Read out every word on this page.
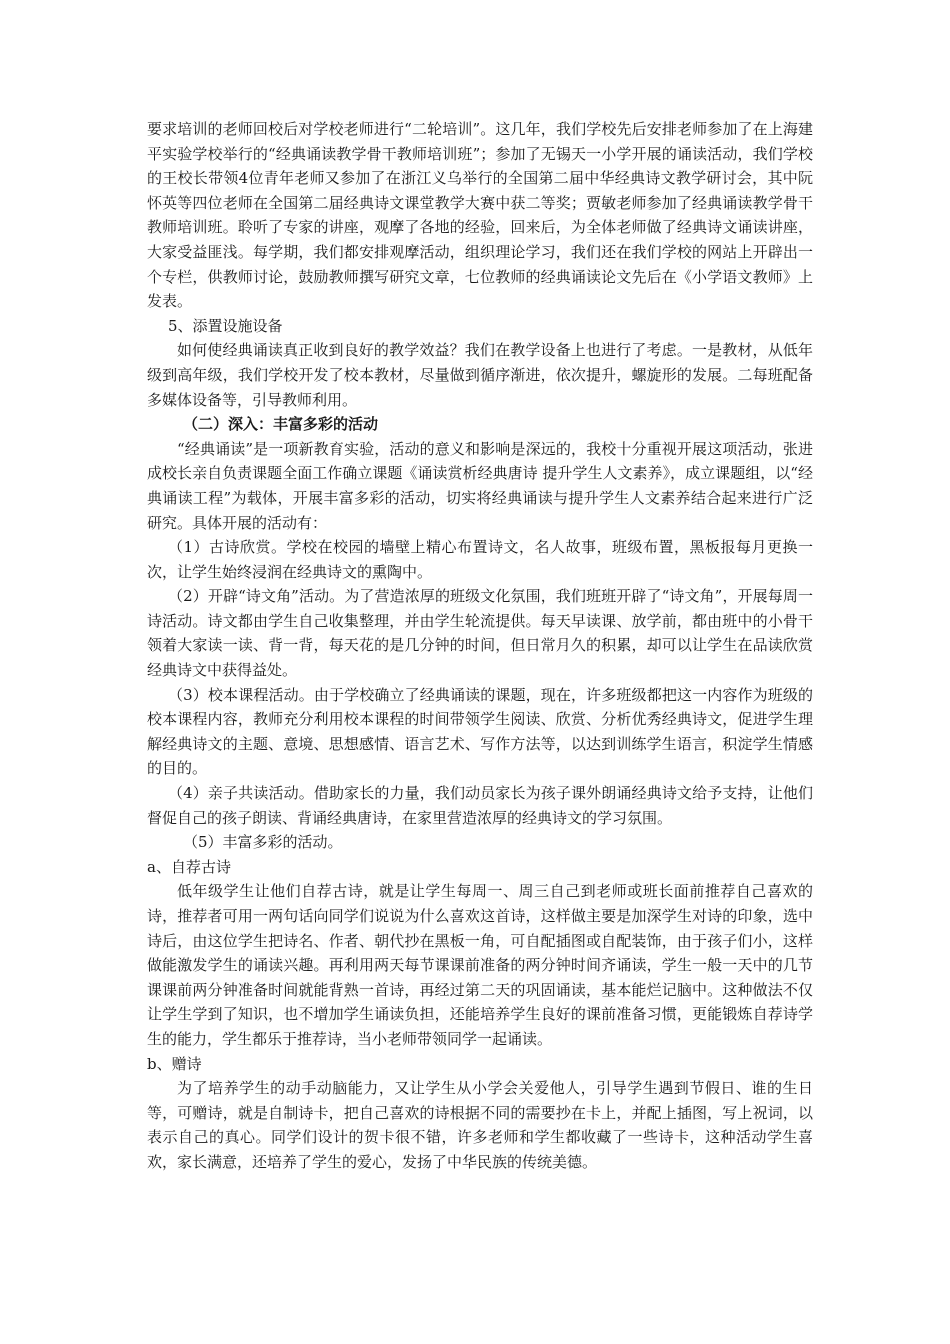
要求培训的老师回校后对学校老师进行“二轮培训”。这几年，我们学校先后安排老师参加了在上海建平实验学校举行的“经典诵读教学骨干教师培训班”；参加了无锡天一小学开展的诵读活动，我们学校的王校长带领4位青年老师又参加了在浙江义乌举行的全国第二届中华经典诗文教学研讨会，其中阮怀英等四位老师在全国第二届经典诗文课堂教学大赛中获二等奖；贾敏老师参加了经典诵读教学骨干教师培训班。聆听了专家的讲座，观摩了各地的经验，回来后，为全体老师做了经典诗文诵读讲座，大家受益匪浅。每学期，我们都安排观摩活动，组织理论学习，我们还在我们学校的网站上开辟出一个专栏，供教师讨论，鼓励教师撰写研究文章，七位教师的经典诵读论文先后在《小学语文教师》上发表。

5、添置设施设备

如何使经典诵读真正收到良好的教学效益？我们在教学设备上也进行了考虑。一是教材，从低年级到高年级，我们学校开发了校本教材，尽量做到循序渐进，依次提升，螺旋形的发展。二每班配备多媒体设备等，引导教师利用。

（二）深入：丰富多彩的活动

“经典诵读”是一项新教育实验，活动的意义和影响是深远的，我校十分重视开展这项活动，张进成校长亲自负责课题全面工作确立课题《诵读赏析经典唐诗 提升学生人文素养》，成立课题组，以“经典诵读工程”为载体，开展丰富多彩的活动，切实将经典诵读与提升学生人文素养结合起来进行广泛研究。具体开展的活动有：

（1）古诗欣赏。学校在校园的墙壁上精心布置诗文，名人故事，班级布置，黑板报每月更换一次，让学生始终浸润在经典诗文的熏陶中。

（2）开辟“诗文角”活动。为了营造浓厚的班级文化氛围，我们班班开辟了“诗文角”，开展每周一诗活动。诗文都由学生自己收集整理，并由学生轮流提供。每天早读课、放学前，都由班中的小骨干领着大家读一读、背一背，每天花的是几分钟的时间，但日常月久的积累，却可以让学生在品读欣赏经典诗文中获得益处。

（3）校本课程活动。由于学校确立了经典诵读的课题，现在，许多班级都把这一内容作为班级的校本课程内容，教师充分利用校本课程的时间带领学生阅读、欣赏、分析优秀经典诗文，促进学生理解经典诗文的主题、意境、思想感情、语言艺术、写作方法等，以达到训练学生语言，积淀学生情感的目的。

（4）亲子共读活动。借助家长的力量，我们动员家长为孩子课外朗诵经典诗文给予支持，让他们督促自己的孩子朗读、背诵经典唐诗，在家里营造浓厚的经典诗文的学习氛围。

（5）丰富多彩的活动。

a、自荐古诗

低年级学生让他们自荐古诗，就是让学生每周一、周三自己到老师或班长面前推荐自己喜欢的诗，推荐者可用一两句话向同学们说说为什么喜欢这首诗，这样做主要是加深学生对诗的印象，选中诗后，由这位学生把诗名、作者、朝代抄在黑板一角，可自配插图或自配装饰，由于孩子们小，这样做能激发学生的诵读兴趣。再利用两天每节课课前准备的两分钟时间齐诵读，学生一般一天中的几节课课前两分钟准备时间就能背熟一首诗，再经过第二天的巩固诵读，基本能烂记脑中。这种做法不仅让学生学到了知识，也不增加学生诵读负担，还能培养学生良好的课前准备习惯，更能锻炼自荐诗学生的能力，学生都乐于推荐诗，当小老师带领同学一起诵读。

b、赠诗

为了培养学生的动手动脑能力，又让学生从小学会关爱他人，引导学生遇到节假日、谁的生日等，可赠诗，就是自制诗卡，把自己喜欢的诗根据不同的需要抄在卡上，并配上插图，写上祝词，以表示自己的真心。同学们设计的贺卡很不错，许多老师和学生都收藏了一些诗卡，这种活动学生喜欢，家长满意，还培养了学生的爱心，发扬了中华民族的传统美德。
